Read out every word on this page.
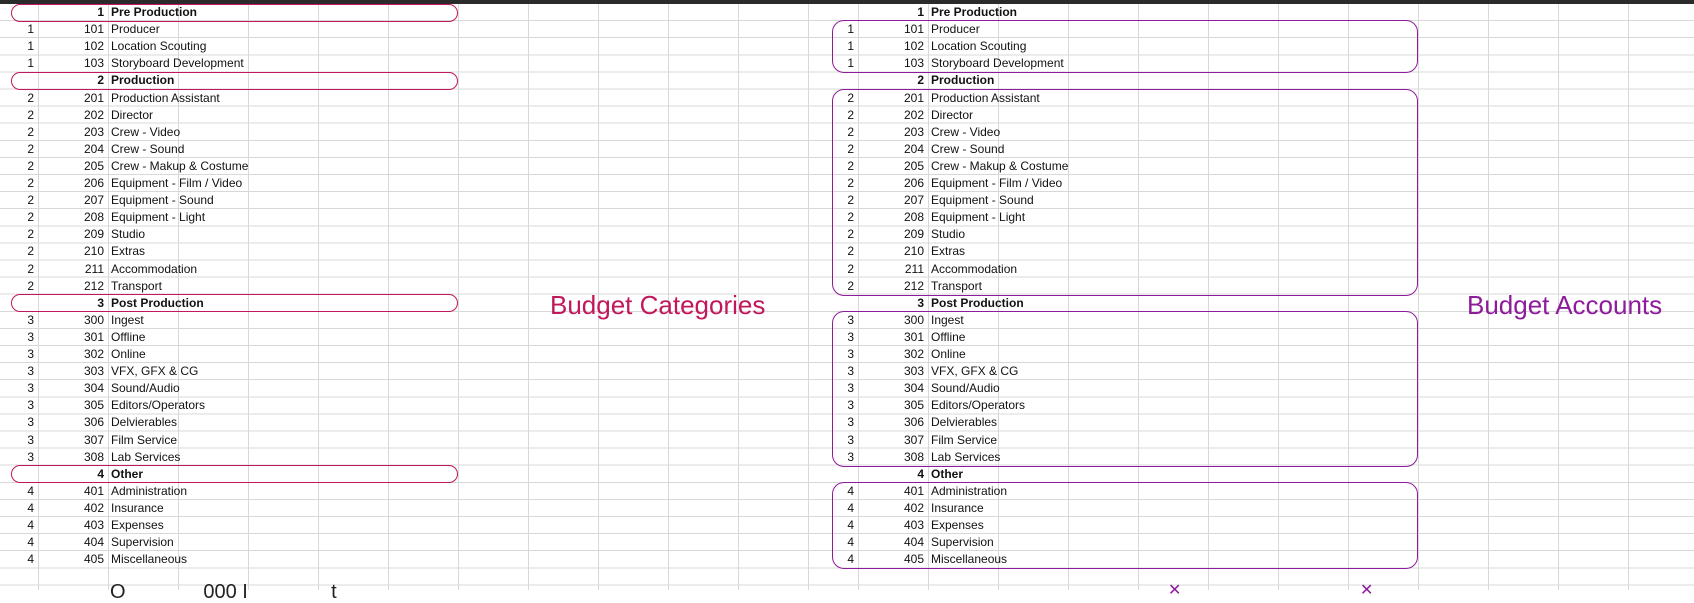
1 Pre Production	1 Pre Production
1	101 Producer	1	101 Producer
1	102 Location Scouting	1	102 Location Scouting
1	103 Storyboard Development	1	103 Storyboard Development
2 Production	2 Production
2	201 Production Assistant	2	201 Production Assistant
2	202 Director	2	202 Director
2	203 Crew - Video	2	203 Crew - Video
2	204 Crew - Sound	2	204 Crew - Sound
2	205 Crew - Makup & Costume	2	205 Crew - Makup & Costume
2	206 Equipment - Film / Video	2	206 Equipment - Film / Video
2	207 Equipment - Sound	2	207 Equipment - Sound
2	208 Equipment - Light	2	208 Equipment - Light
2	209 Studio	2	209 Studio
2	210 Extras	2	210 Extras
2	211 Accommodation	2	211 Accommodation
2	212 Transport	2	212 Transport
3 Post Production	3 Post Production
3	300 Ingest	3	300 Ingest
3	301 Offline	3	301 Offline
3	302 Online	3	302 Online
3	303 VFX, GFX & CG	3	303 VFX, GFX & CG
3	304 Sound/Audio	3	304 Sound/Audio
3	305 Editors/Operators	3	305 Editors/Operators
3	306 Delvierables	3	306 Delvierables
3	307 Film Service	3	307 Film Service
3	308 Lab Services	3	308 Lab Services
4 Other	4 Other
4	401 Administration	4	401 Administration
4	402 Insurance	4	402 Insurance
4	403 Expenses	4	403 Expenses
4	404 Supervision	4	404 Supervision
4	405 Miscellaneous	4	405 Miscellaneous
Budget Categories	Budget Accounts
O              000 I               t	✕	✕
